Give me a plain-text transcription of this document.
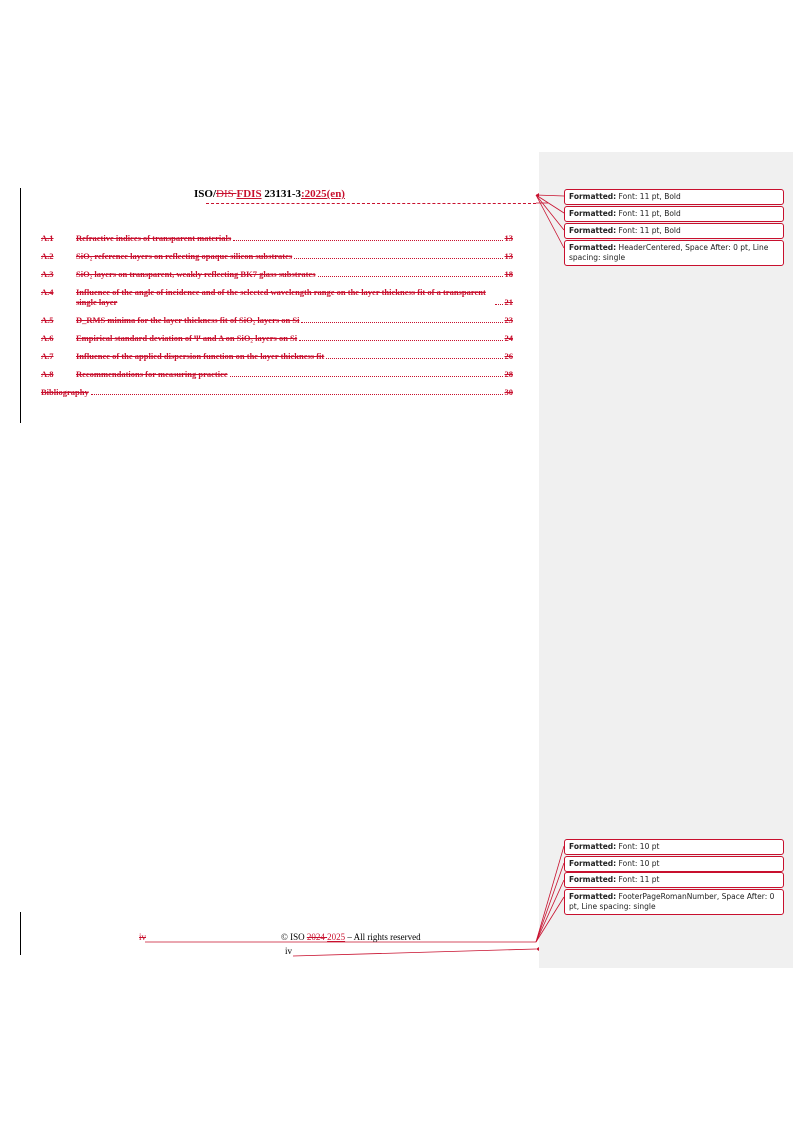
ISO/DIS FDIS 23131-3:2025(en)
A.1	Refractive indices of transparent materials	13
A.2	SiO₂ reference layers on reflecting opaque silicon substrates	13
A.3	SiO₂ layers on transparent, weakly reflecting BK7 glass substrates	18
A.4	Influence of the angle of incidence and of the selected wavelength range on the layer thickness fit of a transparent single layer	21
A.5	D_RMS minima for the layer thickness fit of SiO₂ layers on Si	23
A.6	Empirical standard deviation of Ψ and Δ on SiO₂ layers on Si	24
A.7	Influence of the applied dispersion function on the layer thickness fit	26
A.8	Recommendations for measuring practice	28
Bibliography	30
Formatted: Font: 11 pt, Bold
Formatted: Font: 11 pt, Bold
Formatted: Font: 11 pt, Bold
Formatted: HeaderCentered, Space After: 0 pt, Line spacing: single
Formatted: Font: 10 pt
Formatted: Font: 10 pt
Formatted: Font: 11 pt
Formatted: FooterPageRomanNumber, Space After: 0 pt, Line spacing: single
iv	© ISO 2024 2025 – All rights reserved
iv
